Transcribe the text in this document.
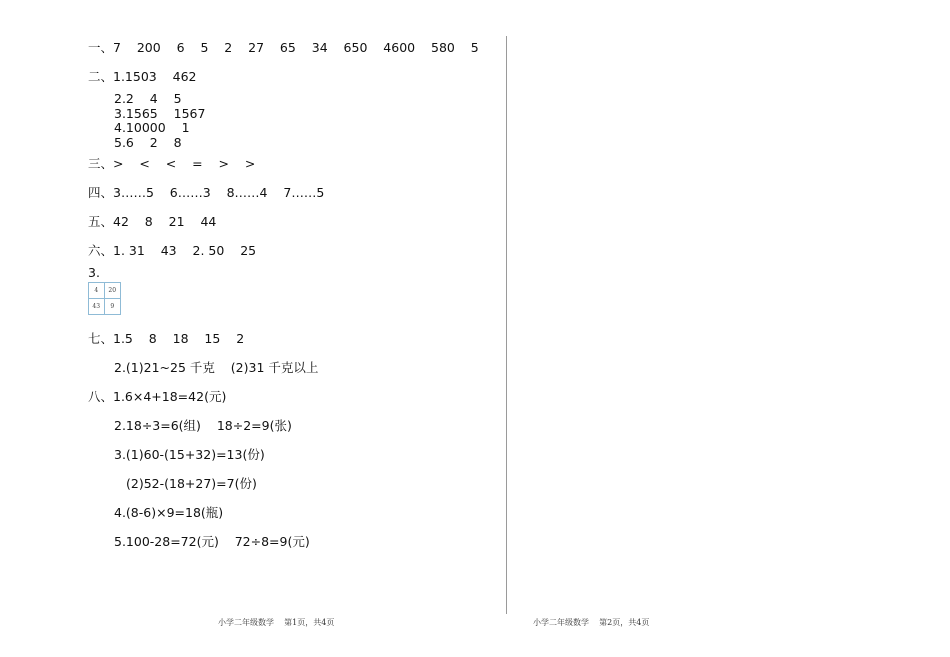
一、7    200    6    5    2    27    65    34    650    4600    580    5
二、1.1503    462
2.2    4    5
3.1565    1567
4.10000    1
5.6    2    8
三、>    <    <    =    >    >
四、3……5    6……3    8……4    7……5
五、42    8    21    44
六、1. 31    43    2. 50    25
3.
4	20
43	9
七、1.5    8    18    15    2
2.(1)21~25 千克    (2)31 千克以上
八、1.6×4+18=42(元)
2.18÷3=6(组)    18÷2=9(张)
3.(1)60-(15+32)=13(份)
(2)52-(18+27)=7(份)
4.(8-6)×9=18(瓶)
5.100-28=72(元)    72÷8=9(元)
小学二年级数学    第1页，共4页	小学二年级数学    第2页，共4页
